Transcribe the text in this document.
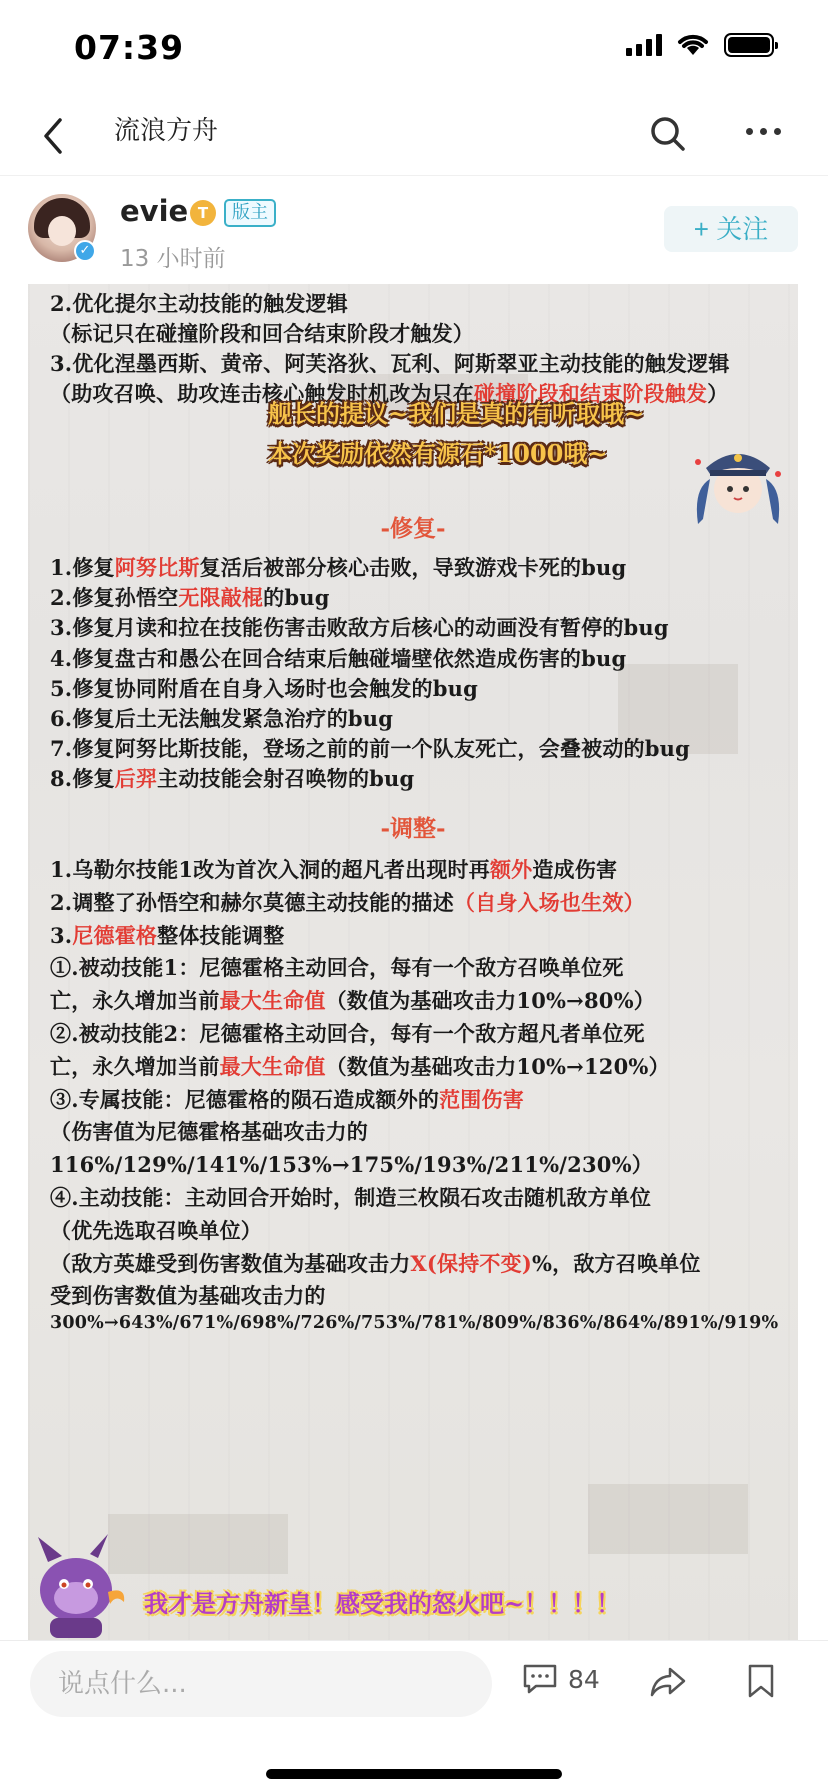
07:39
流浪方舟
✓
evie T	版主
13 小时前
+ 关注
2.优化提尔主动技能的触发逻辑
（标记只在碰撞阶段和回合结束阶段才触发）
3.优化涅墨西斯、黄帝、阿芙洛狄、瓦利、阿斯翠亚主动技能的触发逻辑
（助攻召唤、助攻连击核心触发时机改为只在碰撞阶段和结束阶段触发）
舰长的提议~我们是真的有听取哦~
本次奖励依然有源石*1000哦~
-修复-
1.修复阿努比斯复活后被部分核心击败，导致游戏卡死的bug
2.修复孙悟空无限敲棍的bug
3.修复月读和拉在技能伤害击败敌方后核心的动画没有暂停的bug
4.修复盘古和愚公在回合结束后触碰墙壁依然造成伤害的bug
5.修复协同附盾在自身入场时也会触发的bug
6.修复后土无法触发紧急治疗的bug
7.修复阿努比斯技能，登场之前的前一个队友死亡，会叠被动的bug
8.修复后羿主动技能会射召唤物的bug
-调整-
1.乌勒尔技能1改为首次入洞的超凡者出现时再额外造成伤害
2.调整了孙悟空和赫尔莫德主动技能的描述（自身入场也生效）
3.尼德霍格整体技能调整
①.被动技能1：尼德霍格主动回合，每有一个敌方召唤单位死
亡，永久增加当前最大生命值（数值为基础攻击力10%→80%）
②.被动技能2：尼德霍格主动回合，每有一个敌方超凡者单位死
亡，永久增加当前最大生命值（数值为基础攻击力10%→120%）
③.专属技能：尼德霍格的陨石造成额外的范围伤害
（伤害值为尼德霍格基础攻击力的
116%/129%/141%/153%→175%/193%/211%/230%）
④.主动技能：主动回合开始时，制造三枚陨石攻击随机敌方单位
（优先选取召唤单位）
（敌方英雄受到伤害数值为基础攻击力X(保持不变)%，敌方召唤单位
受到伤害数值为基础攻击力的
300%→643%/671%/698%/726%/753%/781%/809%/836%/864%/891%/919%
我才是方舟新皇！感受我的怒火吧~！！！！
说点什么...
84
